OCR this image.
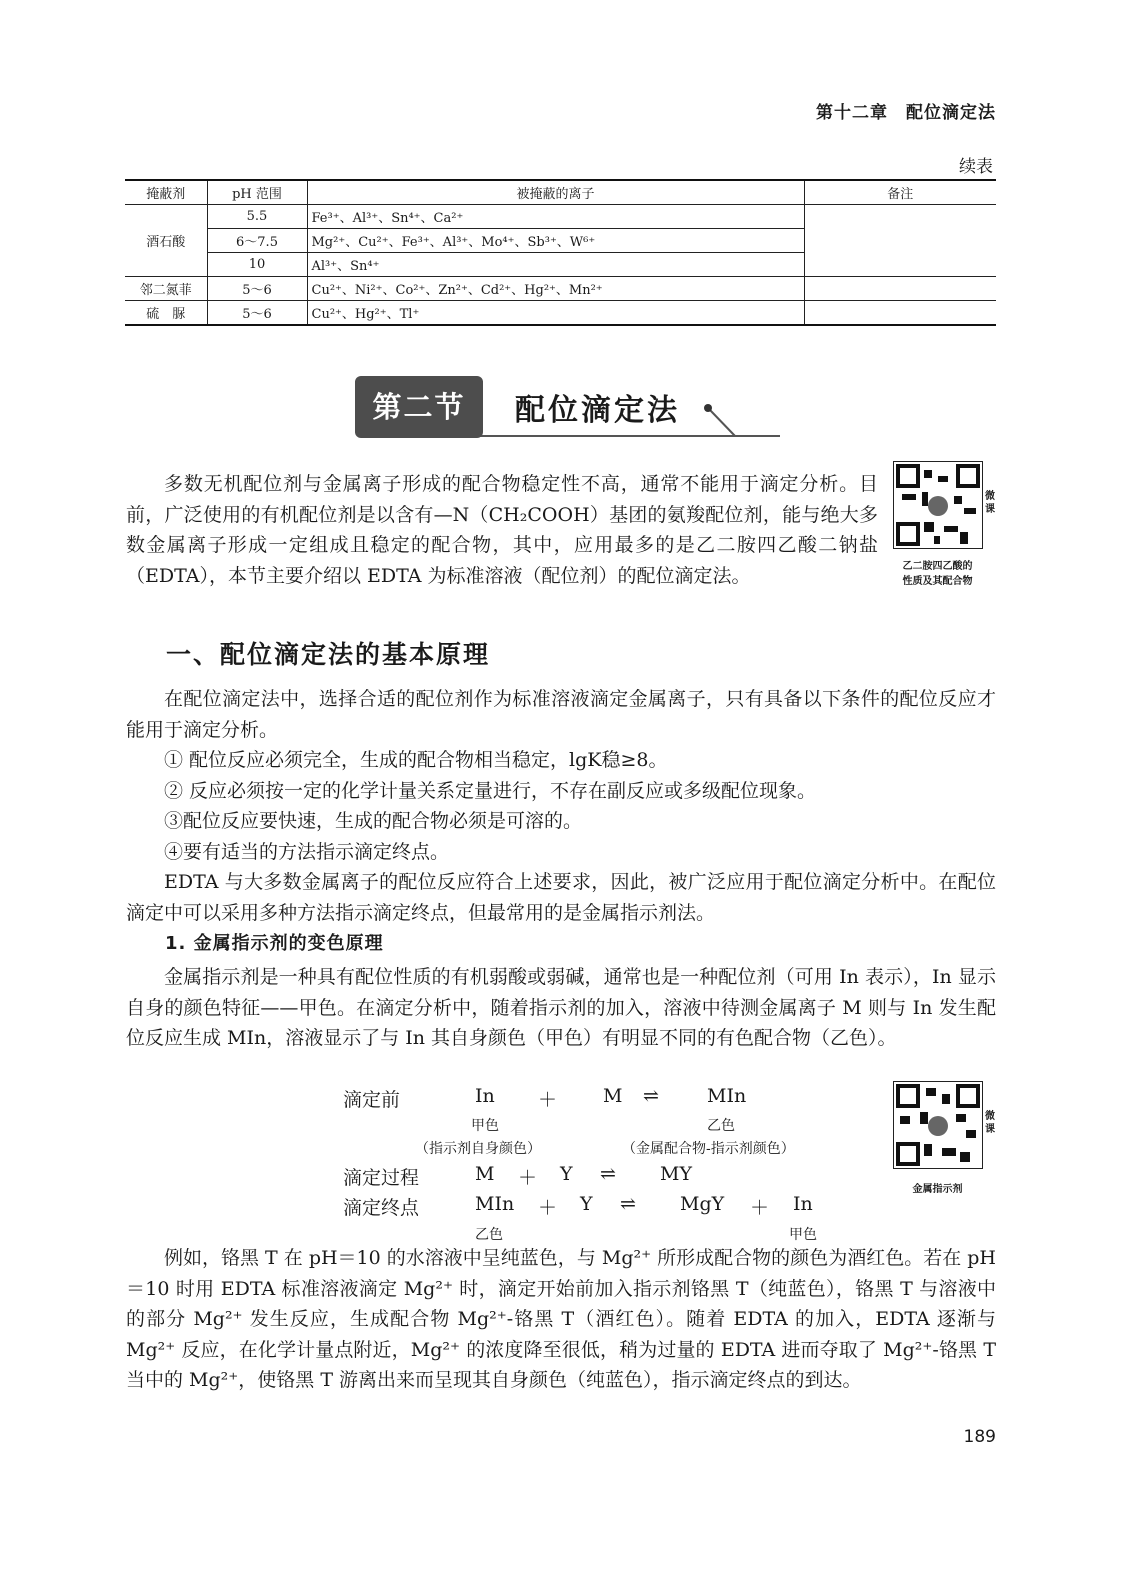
第十二章　配位滴定法
续表
掩蔽剂	pH 范围	被掩蔽的离子	备注
酒石酸	5.5	Fe³⁺、Al³⁺、Sn⁴⁺、Ca²⁺	
	6～7.5	Mg²⁺、Cu²⁺、Fe³⁺、Al³⁺、Mo⁴⁺、Sb³⁺、W⁶⁺	
	10	Al³⁺、Sn⁴⁺	
邻二氮菲	5～6	Cu²⁺、Ni²⁺、Co²⁺、Zn²⁺、Cd²⁺、Hg²⁺、Mn²⁺	
硫　脲	5～6	Cu²⁺、Hg²⁺、Tl⁺	
第二节	配位滴定法

多数无机配位剂与金属离子形成的配合物稳定性不高，通常不能用于滴定分析。目前，广泛使用的有机配位剂是以含有—N（CH₂COOH）基团的氨羧配位剂，能与绝大多数金属离子形成一定组成且稳定的配合物，其中，应用最多的是乙二胺四乙酸二钠盐（EDTA），本节主要介绍以 EDTA 为标准溶液（配位剂）的配位滴定法。

微课
乙二胺四乙酸的
性质及其配合物
一、配位滴定法的基本原理

在配位滴定法中，选择合适的配位剂作为标准溶液滴定金属离子，只有具备以下条件的配位反应才能用于滴定分析。

① 配位反应必须完全，生成的配合物相当稳定，lgK稳≥8。

② 反应必须按一定的化学计量关系定量进行，不存在副反应或多级配位现象。

③配位反应要快速，生成的配合物必须是可溶的。

④要有适当的方法指示滴定终点。

EDTA 与大多数金属离子的配位反应符合上述要求，因此，被广泛应用于配位滴定分析中。在配位滴定中可以采用多种方法指示滴定终点，但最常用的是金属指示剂法。

1. 金属指示剂的变色原理

金属指示剂是一种具有配位性质的有机弱酸或弱碱，通常也是一种配位剂（可用 In 表示），In 显示自身的颜色特征——甲色。在滴定分析中，随着指示剂的加入，溶液中待测金属离子 M 则与 In 发生配位反应生成 MIn，溶液显示了与 In 其自身颜色（甲色）有明显不同的有色配合物（乙色）。

滴定前	In ＋ M ⇌	MIn
甲色	乙色
（指示剂自身颜色）	（金属配合物-指示剂颜色）
滴定过程	M ＋ Y ⇌ MY
滴定终点	MIn ＋ Y ⇌ MgY ＋ In
乙色	甲色
微课
金属指示剂

例如，铬黑 T 在 pH＝10 的水溶液中呈纯蓝色，与 Mg²⁺ 所形成配合物的颜色为酒红色。若在 pH＝10 时用 EDTA 标准溶液滴定 Mg²⁺ 时，滴定开始前加入指示剂铬黑 T（纯蓝色），铬黑 T 与溶液中的部分 Mg²⁺ 发生反应，生成配合物 Mg²⁺-铬黑 T（酒红色）。随着 EDTA 的加入，EDTA 逐渐与 Mg²⁺ 反应，在化学计量点附近，Mg²⁺ 的浓度降至很低，稍为过量的 EDTA 进而夺取了 Mg²⁺-铬黑 T 当中的 Mg²⁺，使铬黑 T 游离出来而呈现其自身颜色（纯蓝色），指示滴定终点的到达。

189
